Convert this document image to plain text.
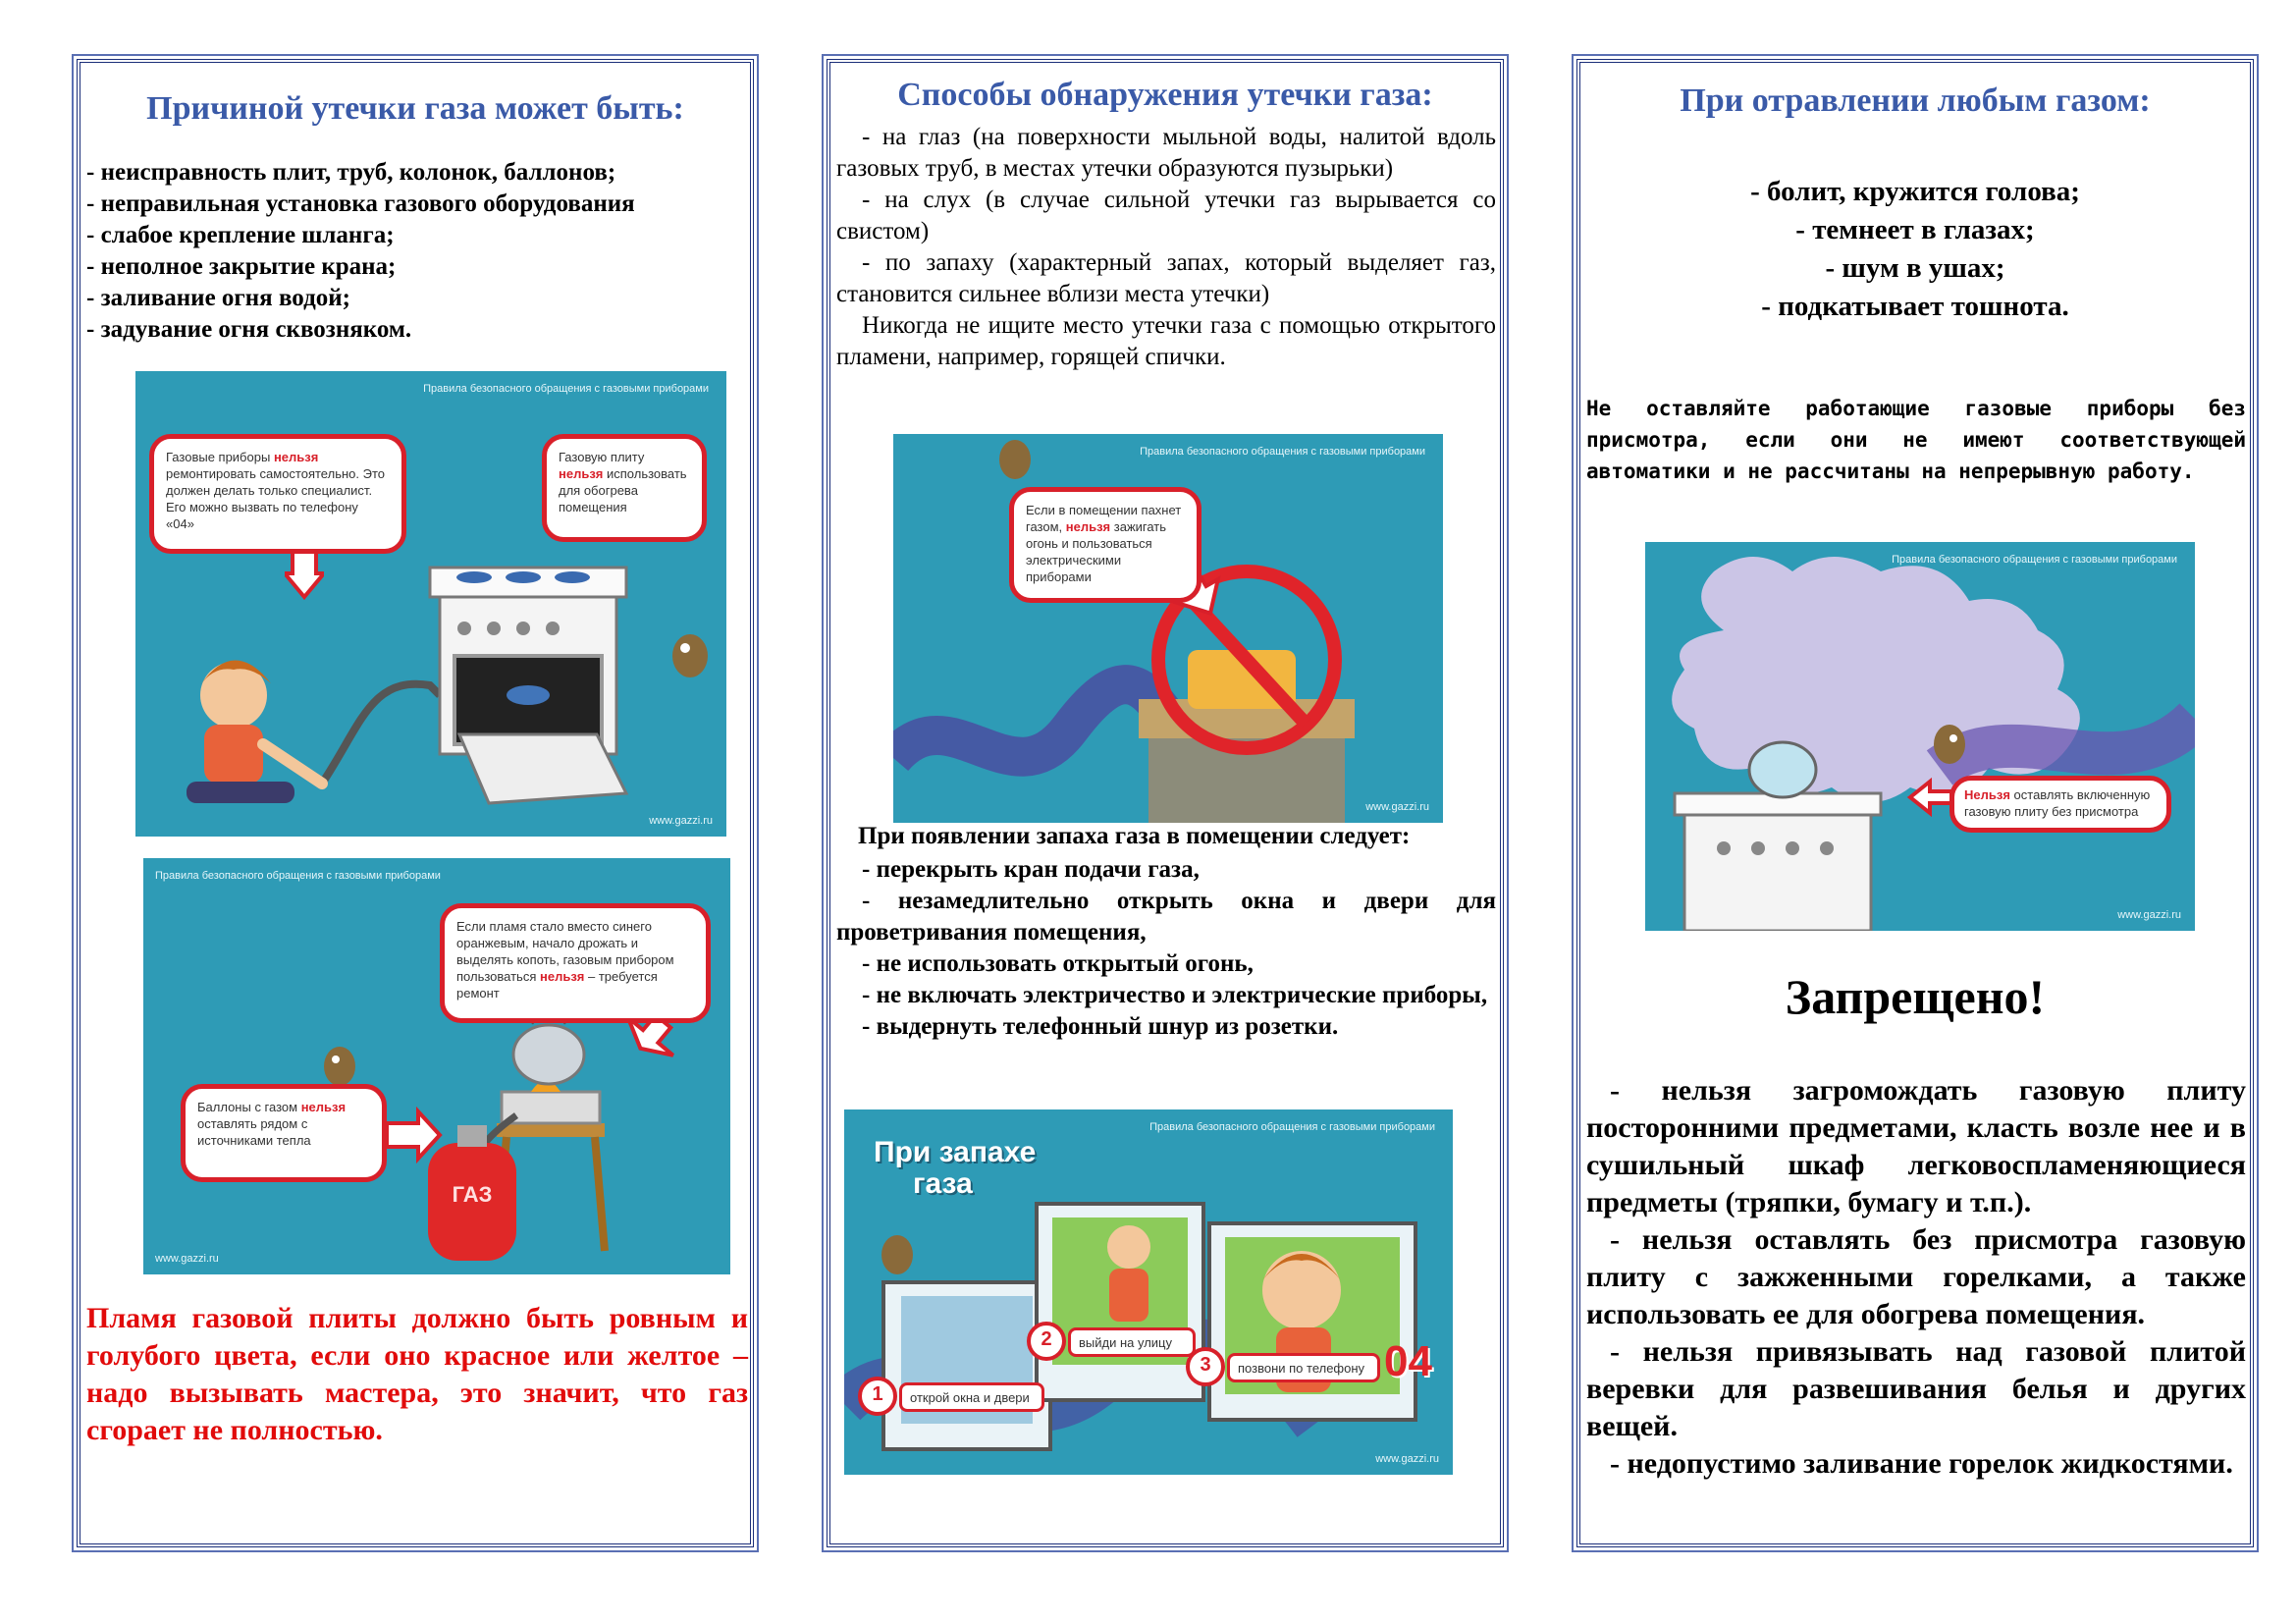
Причиной утечки газа может быть:
- неисправность плит, труб, колонок, баллонов;
- неправильная установка газового оборудования
- слабое крепление шланга;
- неполное закрытие крана;
- заливание огня водой;
- задувание огня сквозняком.
Правила безопасного обращения с газовыми приборами
Газовые приборы нельзя ремонтировать самостоятельно. Это должен делать только специалист. Его можно вызвать по телефону «04»
Газовую плиту нельзя использовать для обогрева помещения
www.gazzi.ru
Правила безопасного обращения с газовыми приборами
Если пламя стало вместо синего оранжевым, начало дрожать и выделять копоть, газовым прибором пользоваться нельзя – требуется ремонт
Баллоны с газом нельзя оставлять рядом с источниками тепла
ГАЗ
www.gazzi.ru
Пламя газовой плиты должно быть ровным и голубого цвета, если оно красное или желтое – надо вызывать мастера, это значит, что газ сгорает не полностью.
Способы обнаружения утечки газа:

- на глаз (на поверхности мыльной воды, налитой вдоль газовых труб, в местах утечки образуются пузырьки)

- на слух (в случае сильной утечки газ вырывается со свистом)

- по запаху (характерный запах, который выделяет газ, становится сильнее вблизи места утечки)

Никогда не ищите место утечки газа с помощью открытого пламени, например, горящей спички.

Правила безопасного обращения с газовыми приборами
Если в помещении пахнет газом, нельзя зажигать огонь и пользоваться электрическими приборами
www.gazzi.ru
При появлении запаха газа в помещении следует:

- перекрыть кран подачи газа,

- незамедлительно открыть окна и двери для проветривания помещения,

- не использовать открытый огонь,

- не включать электричество и электрические приборы,

- выдернуть телефонный шнур из розетки.

Правила безопасного обращения с газовыми приборами
При запахе
газа
1
2
3
открой окна и двери
выйди на улицу
позвони по телефону 04
www.gazzi.ru
При отравлении любым газом:
- болит, кружится голова;
- темнеет в глазах;
- шум в ушах;
- подкатывает тошнота.
Не оставляйте работающие газовые приборы без присмотра, если они не имеют соответствующей автоматики и не рассчитаны на непрерывную работу.
Правила безопасного обращения с газовыми приборами
Нельзя оставлять включенную газовую плиту без присмотра
www.gazzi.ru
Запрещено!

- нельзя загромождать газовую плиту посторонними предметами, класть возле нее и в сушильный шкаф легковоспламеняющиеся предметы (тряпки, бумагу и т.п.).

- нельзя оставлять без присмотра газовую плиту с зажженными горелками, а также использовать ее для обогрева помещения.

- нельзя привязывать над газовой плитой веревки для развешивания белья и других вещей.

- недопустимо заливание горелок жидкостями.
